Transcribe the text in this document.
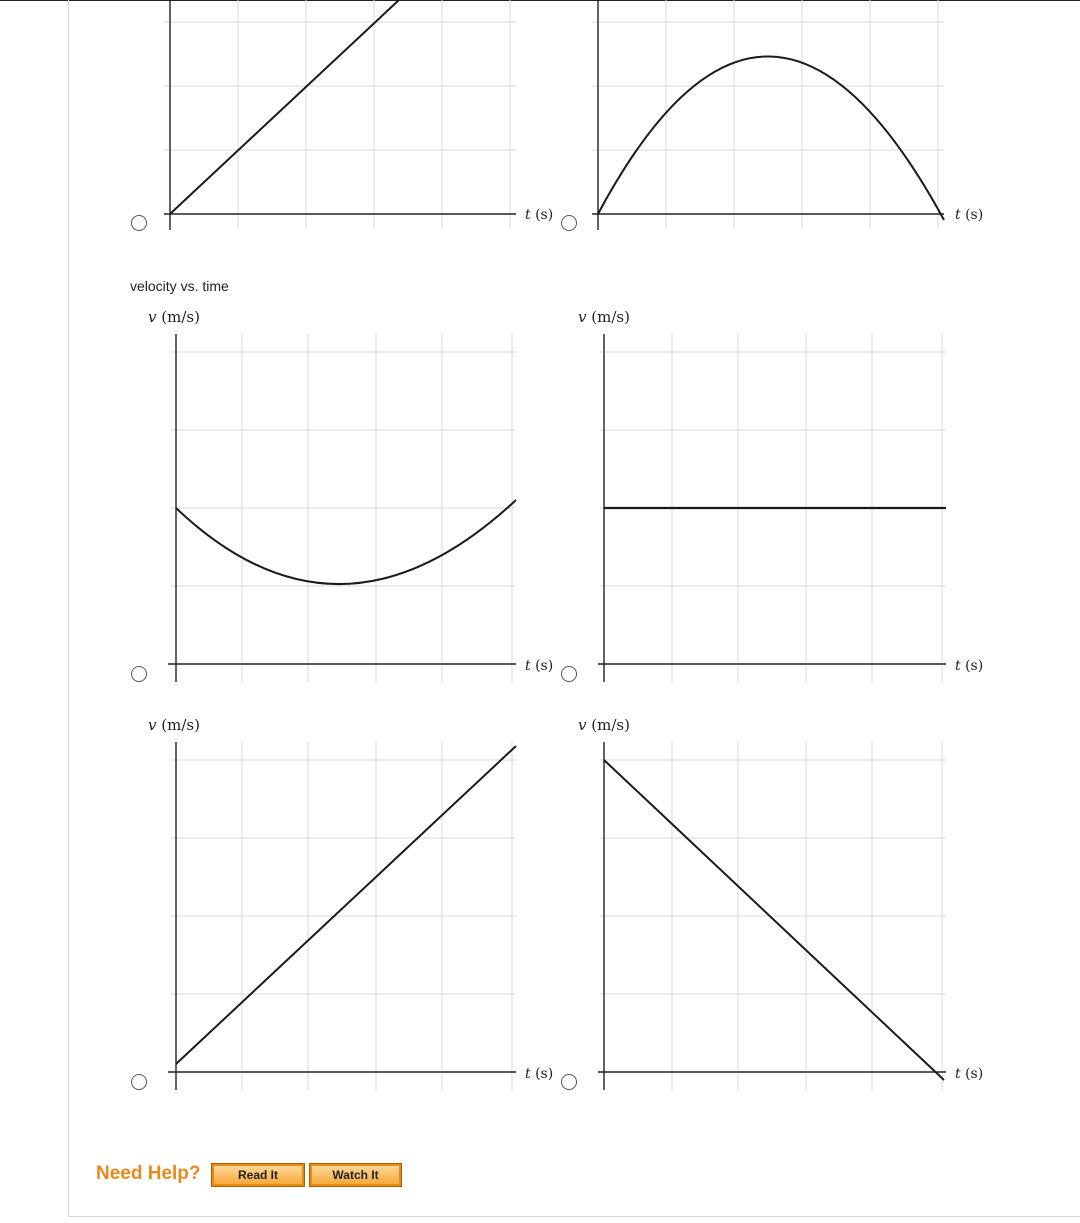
t (s)	t (s)
velocity vs. time
v (m/s)
t (s)
v (m/s)
t (s)
v (m/s)
t (s)
v (m/s)
t (s)
Need Help?	Read It	Watch It
